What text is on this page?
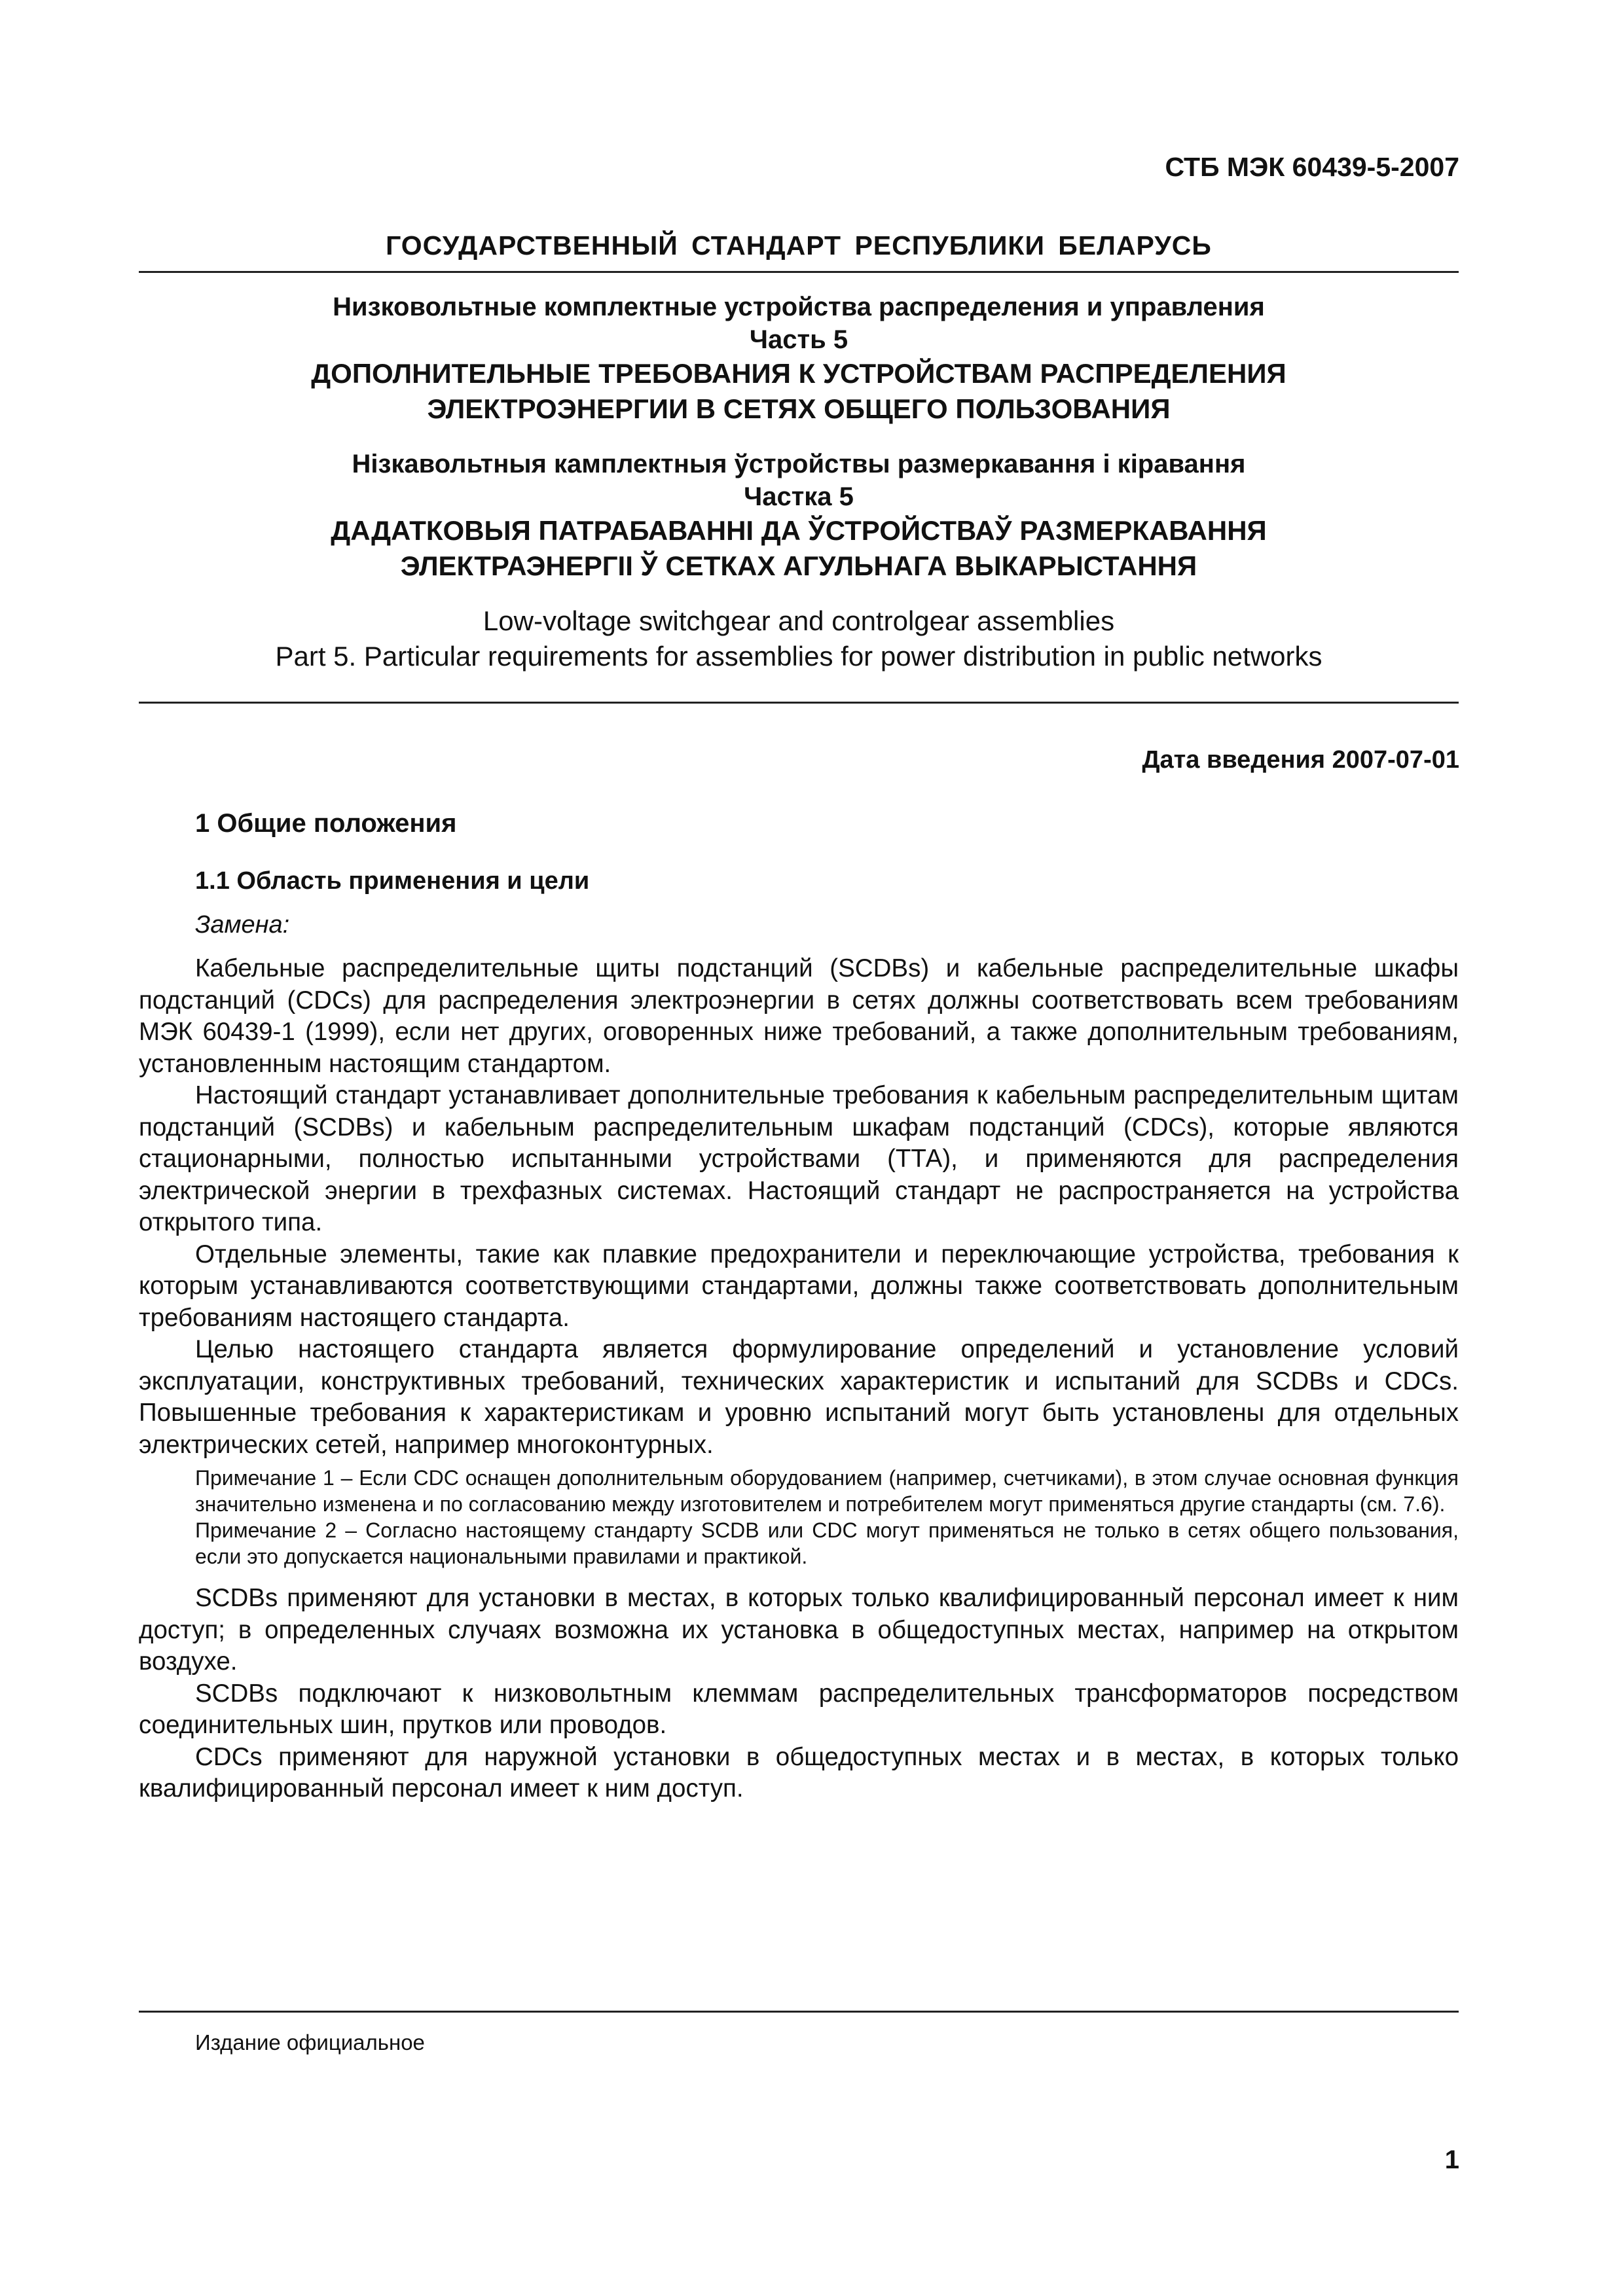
СТБ МЭК 60439-5-2007
ГОСУДАРСТВЕННЫЙ СТАНДАРТ РЕСПУБЛИКИ БЕЛАРУСЬ
Низковольтные комплектные устройства распределения и управления
Часть 5
ДОПОЛНИТЕЛЬНЫЕ ТРЕБОВАНИЯ К УСТРОЙСТВАМ РАСПРЕДЕЛЕНИЯ
ЭЛЕКТРОЭНЕРГИИ В СЕТЯХ ОБЩЕГО ПОЛЬЗОВАНИЯ
Нізкавольтныя камплектныя ўстройствы размеркавання і кіравання
Частка 5
ДАДАТКОВЫЯ ПАТРАБАВАННІ ДА ЎСТРОЙСТВАЎ РАЗМЕРКАВАННЯ
ЭЛЕКТРАЭНЕРГІІ Ў СЕТКАХ АГУЛЬНАГА ВЫКАРЫСТАННЯ
Low-voltage switchgear and controlgear assemblies
Part 5. Particular requirements for assemblies for power distribution in public networks
Дата введения 2007-07-01
1 Общие положения
1.1 Область применения и цели
Замена:

Кабельные распределительные щиты подстанций (SCDBs) и кабельные распределительные шкафы подстанций (CDCs) для распределения электроэнергии в сетях должны соответствовать всем требованиям МЭК 60439-1 (1999), если нет других, оговоренных ниже требований, а также дополнительным требованиям, установленным настоящим стандартом.

Настоящий стандарт устанавливает дополнительные требования к кабельным распределительным щитам подстанций (SCDBs) и кабельным распределительным шкафам подстанций (CDCs), которые являются стационарными, полностью испытанными устройствами (ТТА), и применяются для распределения электрической энергии в трехфазных системах. Настоящий стандарт не распространяется на устройства открытого типа.

Отдельные элементы, такие как плавкие предохранители и переключающие устройства, требования к которым устанавливаются соответствующими стандартами, должны также соответствовать дополнительным требованиям настоящего стандарта.

Целью настоящего стандарта является формулирование определений и установление условий эксплуатации, конструктивных требований, технических характеристик и испытаний для SCDBs и CDCs. Повышенные требования к характеристикам и уровню испытаний могут быть установлены для отдельных электрических сетей, например многоконтурных.

Примечание 1 – Если CDC оснащен дополнительным оборудованием (например, счетчиками), в этом случае основная функция значительно изменена и по согласованию между изготовителем и потребителем могут применяться другие стандарты (см. 7.6).

Примечание 2 – Согласно настоящему стандарту SCDB или CDC могут применяться не только в сетях общего пользования, если это допускается национальными правилами и практикой.

SCDBs применяют для установки в местах, в которых только квалифицированный персонал имеет к ним доступ; в определенных случаях возможна их установка в общедоступных местах, например на открытом воздухе.

SCDBs подключают к низковольтным клеммам распределительных трансформаторов посредством соединительных шин, прутков или проводов.

CDCs применяют для наружной установки в общедоступных местах и в местах, в которых только квалифицированный персонал имеет к ним доступ.

Издание официальное
1
